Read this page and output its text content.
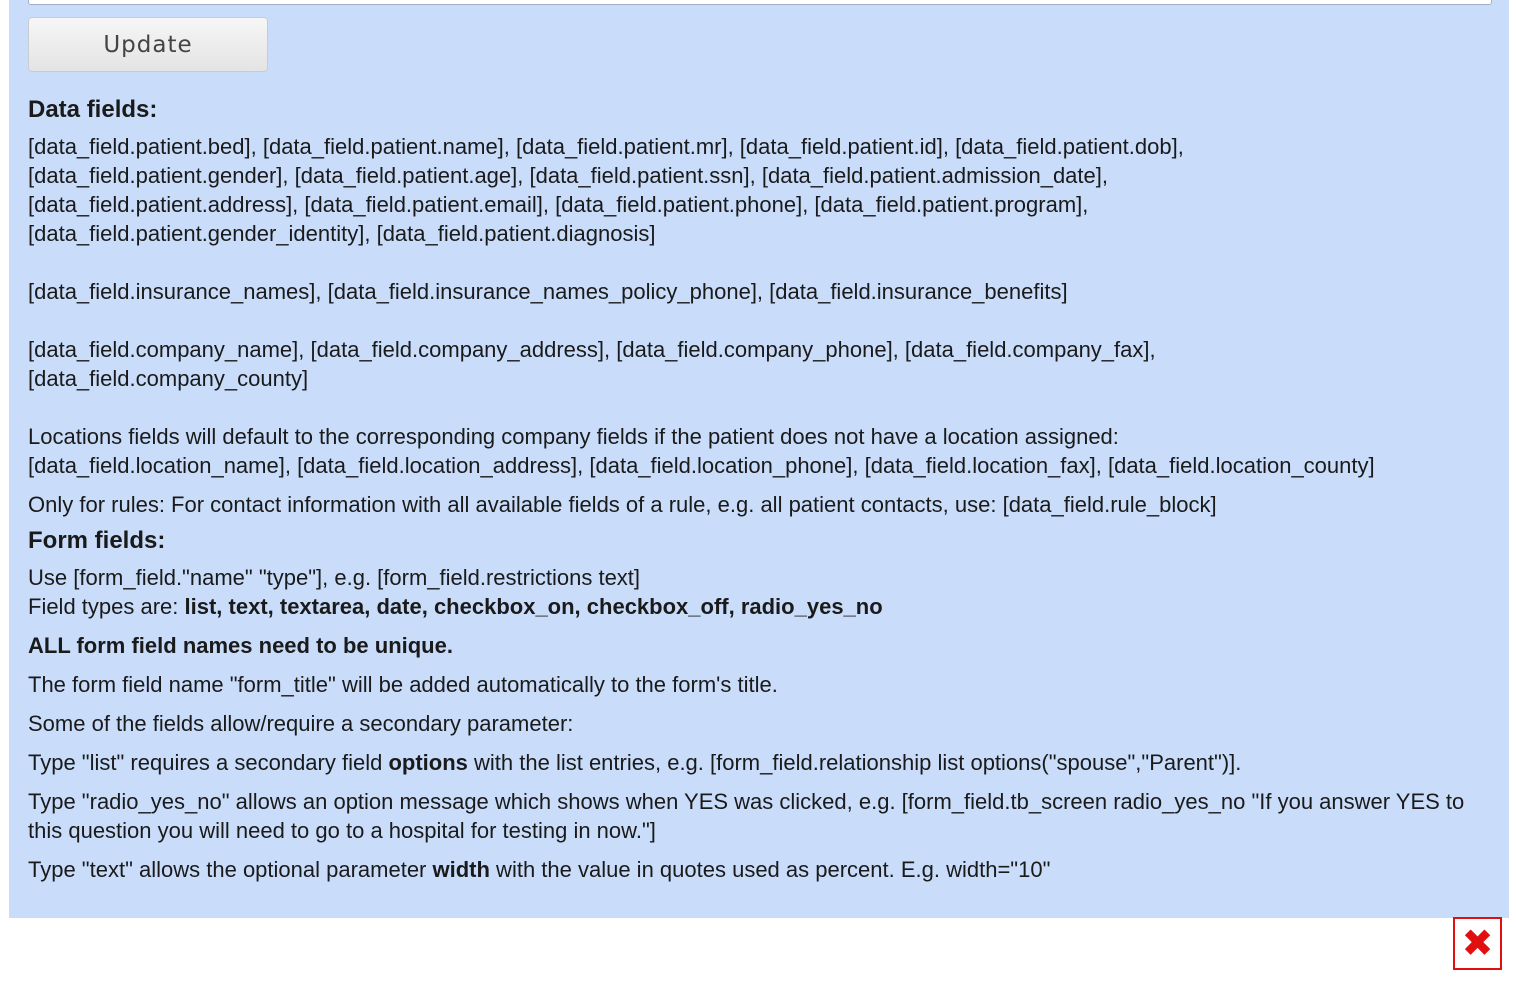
Update
Data fields:

[data_field.patient.bed], [data_field.patient.name], [data_field.patient.mr], [data_field.patient.id], [data_field.patient.dob],

[data_field.patient.gender], [data_field.patient.age], [data_field.patient.ssn], [data_field.patient.admission_date],

[data_field.patient.address], [data_field.patient.email], [data_field.patient.phone], [data_field.patient.program],

[data_field.patient.gender_identity], [data_field.patient.diagnosis]

[data_field.insurance_names], [data_field.insurance_names_policy_phone], [data_field.insurance_benefits]

[data_field.company_name], [data_field.company_address], [data_field.company_phone], [data_field.company_fax],

[data_field.company_county]

Locations fields will default to the corresponding company fields if the patient does not have a location assigned:

[data_field.location_name], [data_field.location_address], [data_field.location_phone], [data_field.location_fax], [data_field.location_county]

Only for rules: For contact information with all available fields of a rule, e.g. all patient contacts, use: [data_field.rule_block]

Form fields:

Use [form_field."name" "type"], e.g. [form_field.restrictions text]

Field types are: list, text, textarea, date, checkbox_on, checkbox_off, radio_yes_no

ALL form field names need to be unique.

The form field name "form_title" will be added automatically to the form's title.

Some of the fields allow/require a secondary parameter:

Type "list" requires a secondary field options with the list entries, e.g. [form_field.relationship list options("spouse","Parent")].

Type "radio_yes_no" allows an option message which shows when YES was clicked, e.g. [form_field.tb_screen radio_yes_no "If you answer YES to this question you will need to go to a hospital for testing in now."]

Type "text" allows the optional parameter width with the value in quotes used as percent. E.g. width="10"

✖
